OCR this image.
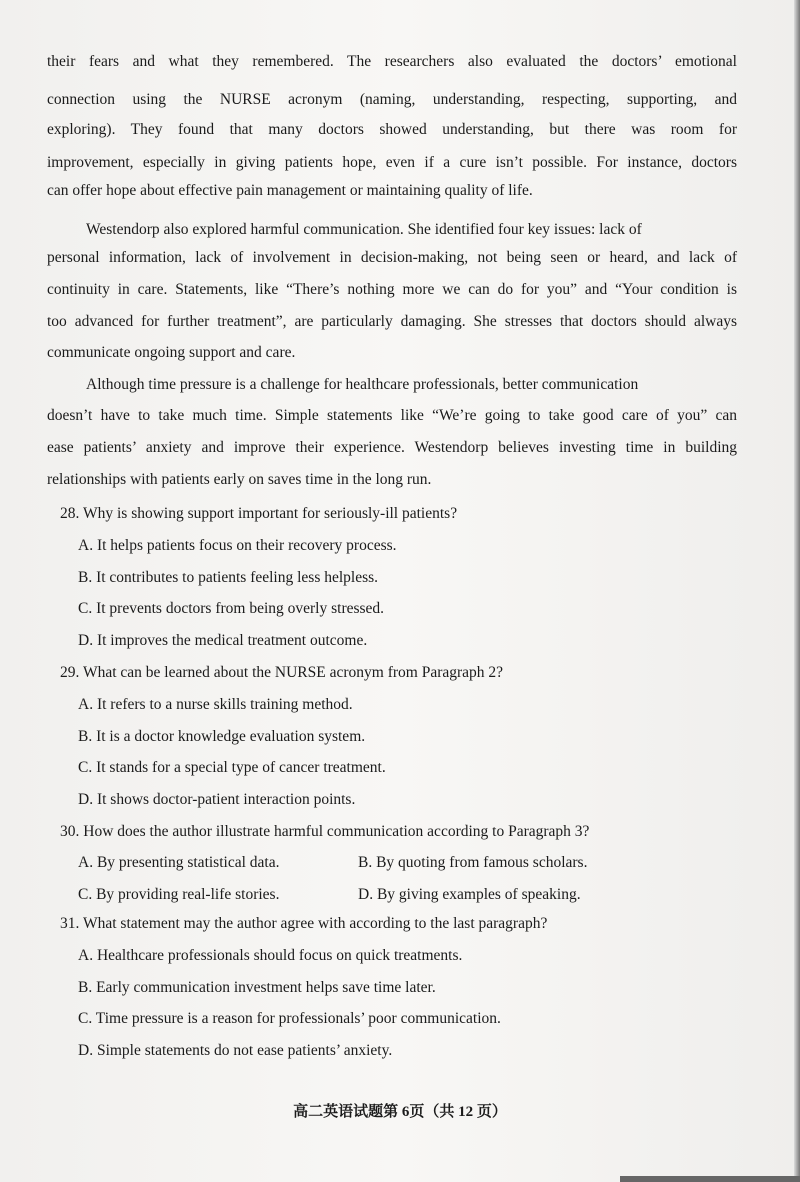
their fears and what they remembered. The researchers also evaluated the doctors’ emotional
connection using the NURSE acronym (naming, understanding, respecting, supporting, and
exploring). They found that many doctors showed understanding, but there was room for
improvement, especially in giving patients hope, even if a cure isn’t possible. For instance, doctors
can offer hope about effective pain management or maintaining quality of life.
Westendorp also explored harmful communication. She identified four key issues: lack of
personal information, lack of involvement in decision-making, not being seen or heard, and lack of
continuity in care. Statements, like “There’s nothing more we can do for you” and “Your condition is
too advanced for further treatment”, are particularly damaging. She stresses that doctors should always
communicate ongoing support and care.
Although time pressure is a challenge for healthcare professionals, better communication
doesn’t have to take much time. Simple statements like “We’re going to take good care of you” can
ease patients’ anxiety and improve their experience. Westendorp believes investing time in building
relationships with patients early on saves time in the long run.
28. Why is showing support important for seriously-ill patients?
A. It helps patients focus on their recovery process.
B. It contributes to patients feeling less helpless.
C. It prevents doctors from being overly stressed.
D. It improves the medical treatment outcome.
29. What can be learned about the NURSE acronym from Paragraph 2?
A. It refers to a nurse skills training method.
B. It is a doctor knowledge evaluation system.
C. It stands for a special type of cancer treatment.
D. It shows doctor-patient interaction points.
30. How does the author illustrate harmful communication according to Paragraph 3?
A. By presenting statistical data.	B. By quoting from famous scholars.
C. By providing real-life stories.	D. By giving examples of speaking.
31. What statement may the author agree with according to the last paragraph?
A. Healthcare professionals should focus on quick treatments.
B. Early communication investment helps save time later.
C. Time pressure is a reason for professionals’ poor communication.
D. Simple statements do not ease patients’ anxiety.
高二英语试题第 6页（共 12 页）
